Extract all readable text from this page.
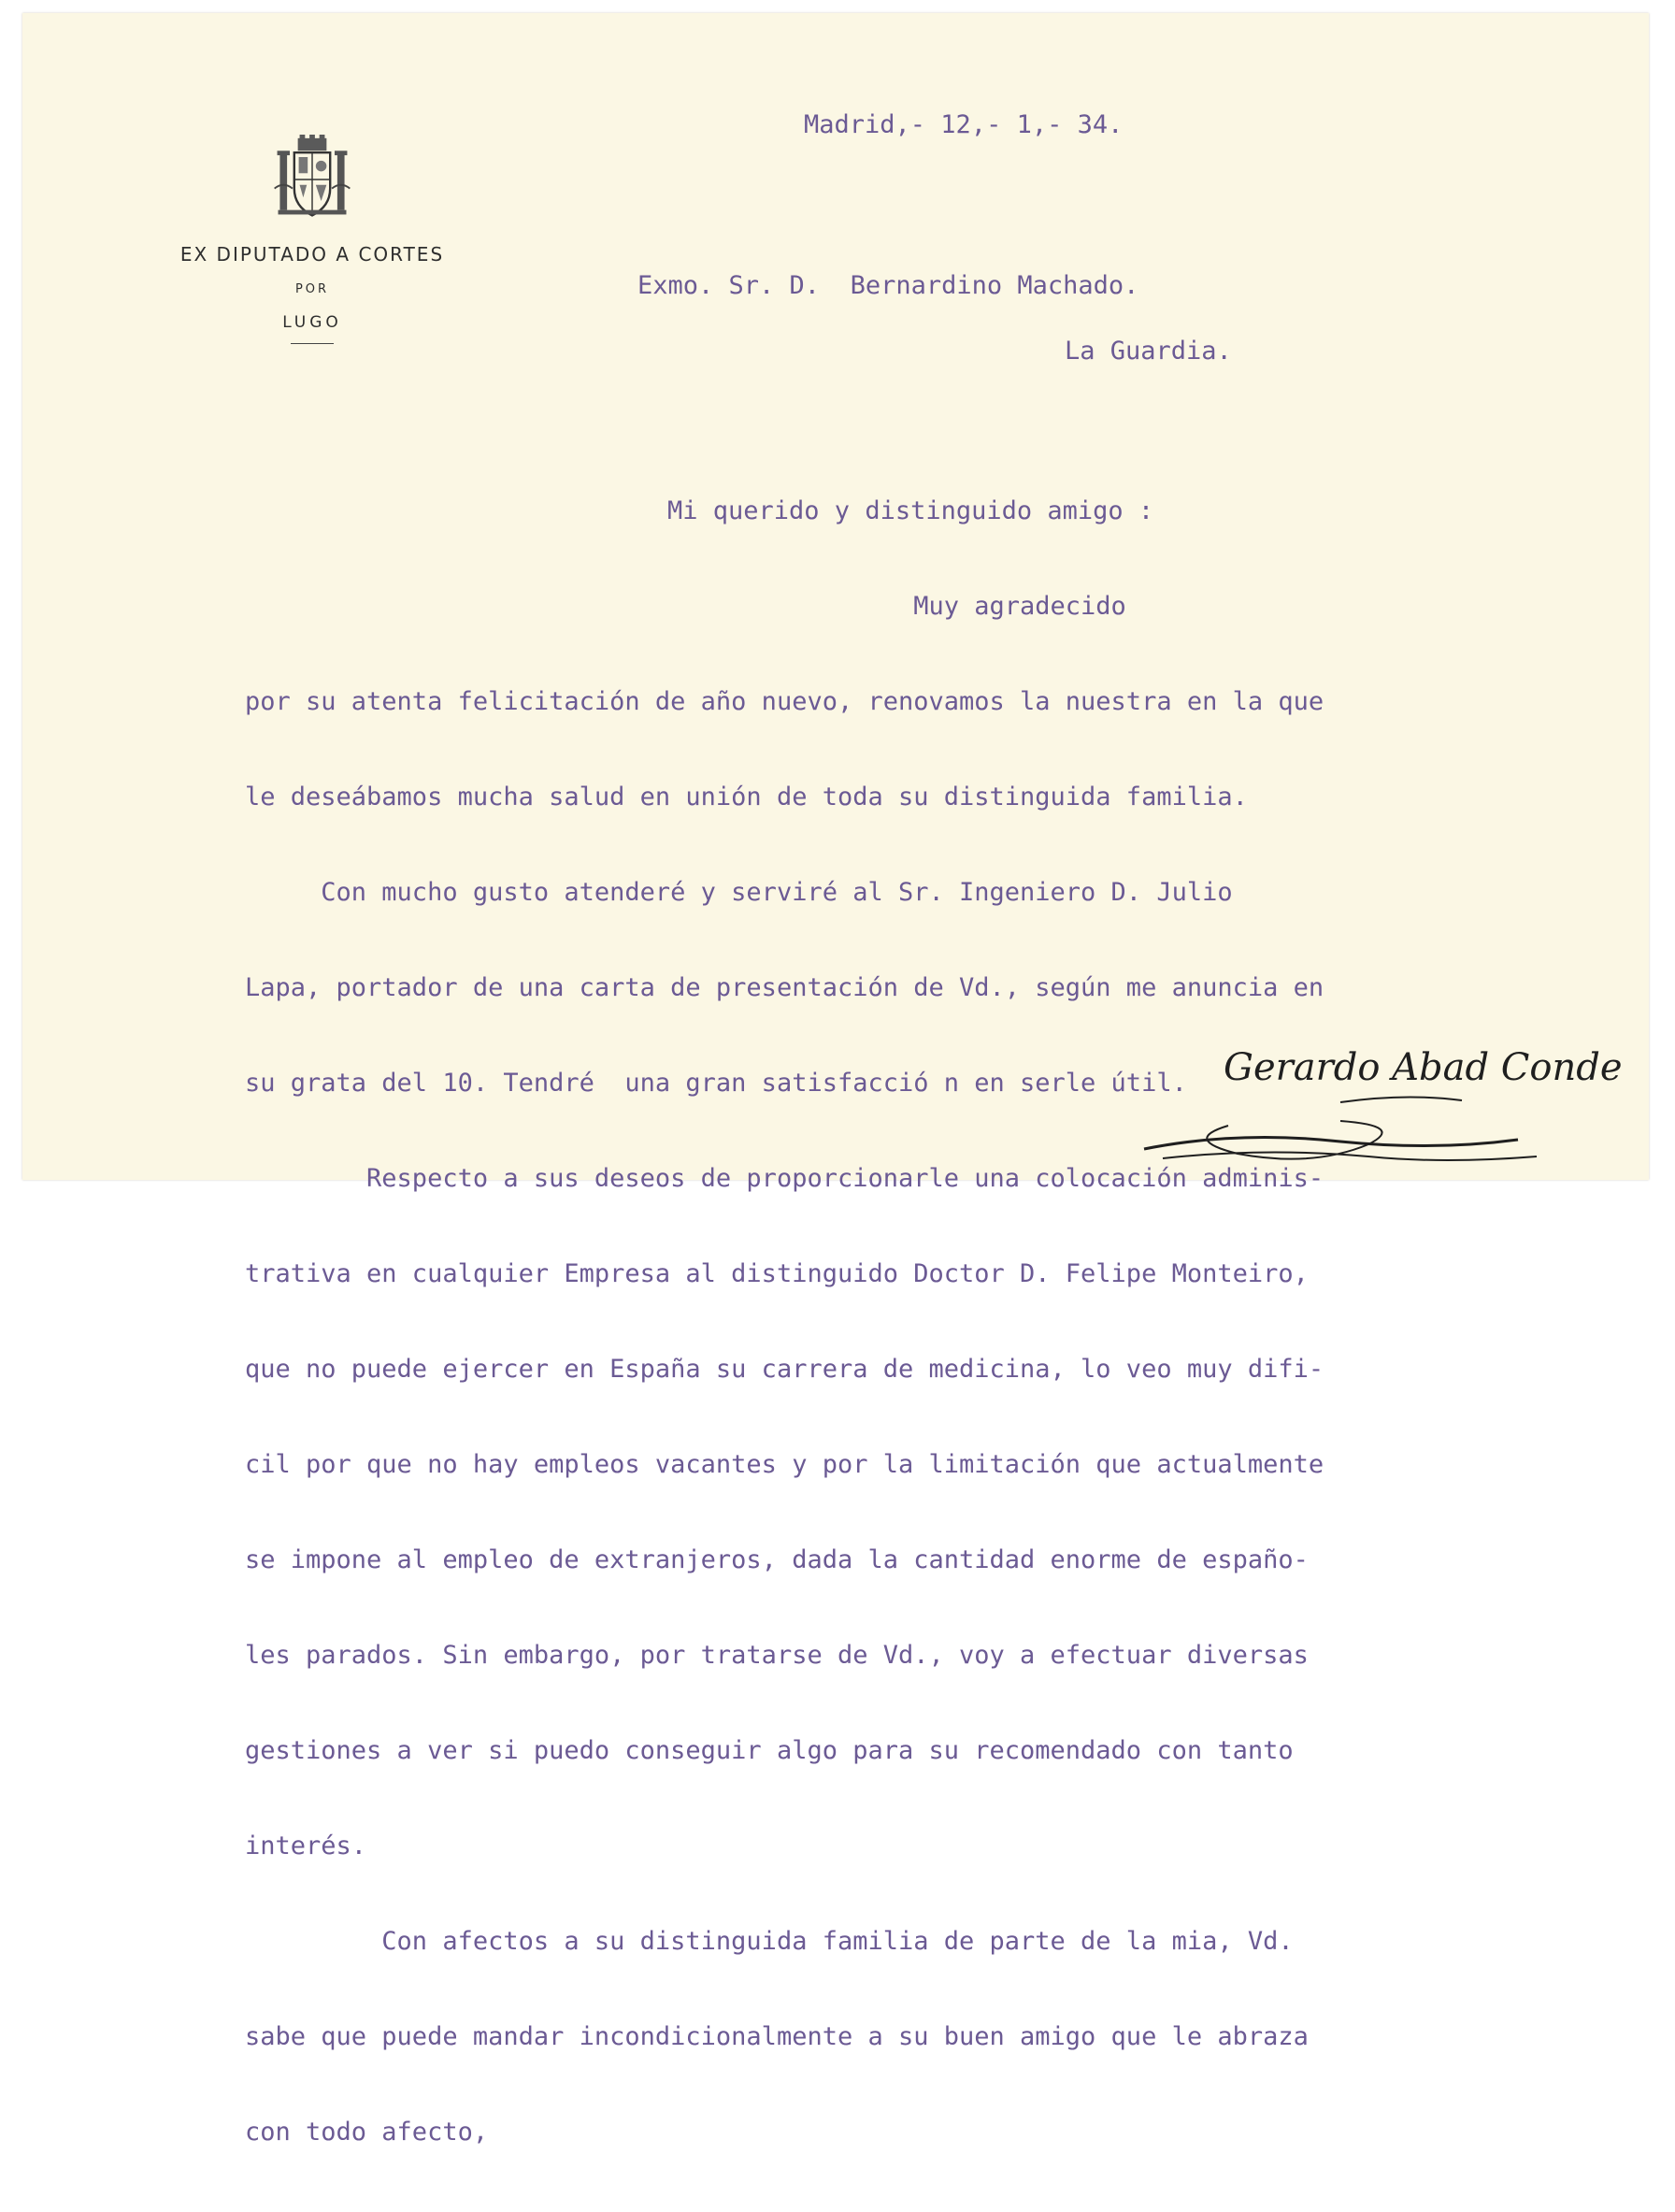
EX DIPUTADO A CORTES
POR
LUGO
Madrid,- 12,- 1,- 34.
Exmo. Sr. D.  Bernardino Machado.
La Guardia.
Mi querido y distinguido amigo :

Muy agradecido

por su atenta felicitación de año nuevo, renovamos la nuestra en la que

le deseábamos mucha salud en unión de toda su distinguida familia.

Con mucho gusto atenderé y serviré al Sr. Ingeniero D. Julio

Lapa, portador de una carta de presentación de Vd., según me anuncia en

su grata del 10. Tendré  una gran satisfacció n en serle útil.

Respecto a sus deseos de proporcionarle una colocación adminis-

trativa en cualquier Empresa al distinguido Doctor D. Felipe Monteiro,

que no puede ejercer en España su carrera de medicina, lo veo muy difi-

cil por que no hay empleos vacantes y por la limitación que actualmente

se impone al empleo de extranjeros, dada la cantidad enorme de españo-

les parados. Sin embargo, por tratarse de Vd., voy a efectuar diversas

gestiones a ver si puedo conseguir algo para su recomendado con tanto

interés.

Con afectos a su distinguida familia de parte de la mia, Vd.

sabe que puede mandar incondicionalmente a su buen amigo que le abraza

con todo afecto,

Gerardo Abad Conde
